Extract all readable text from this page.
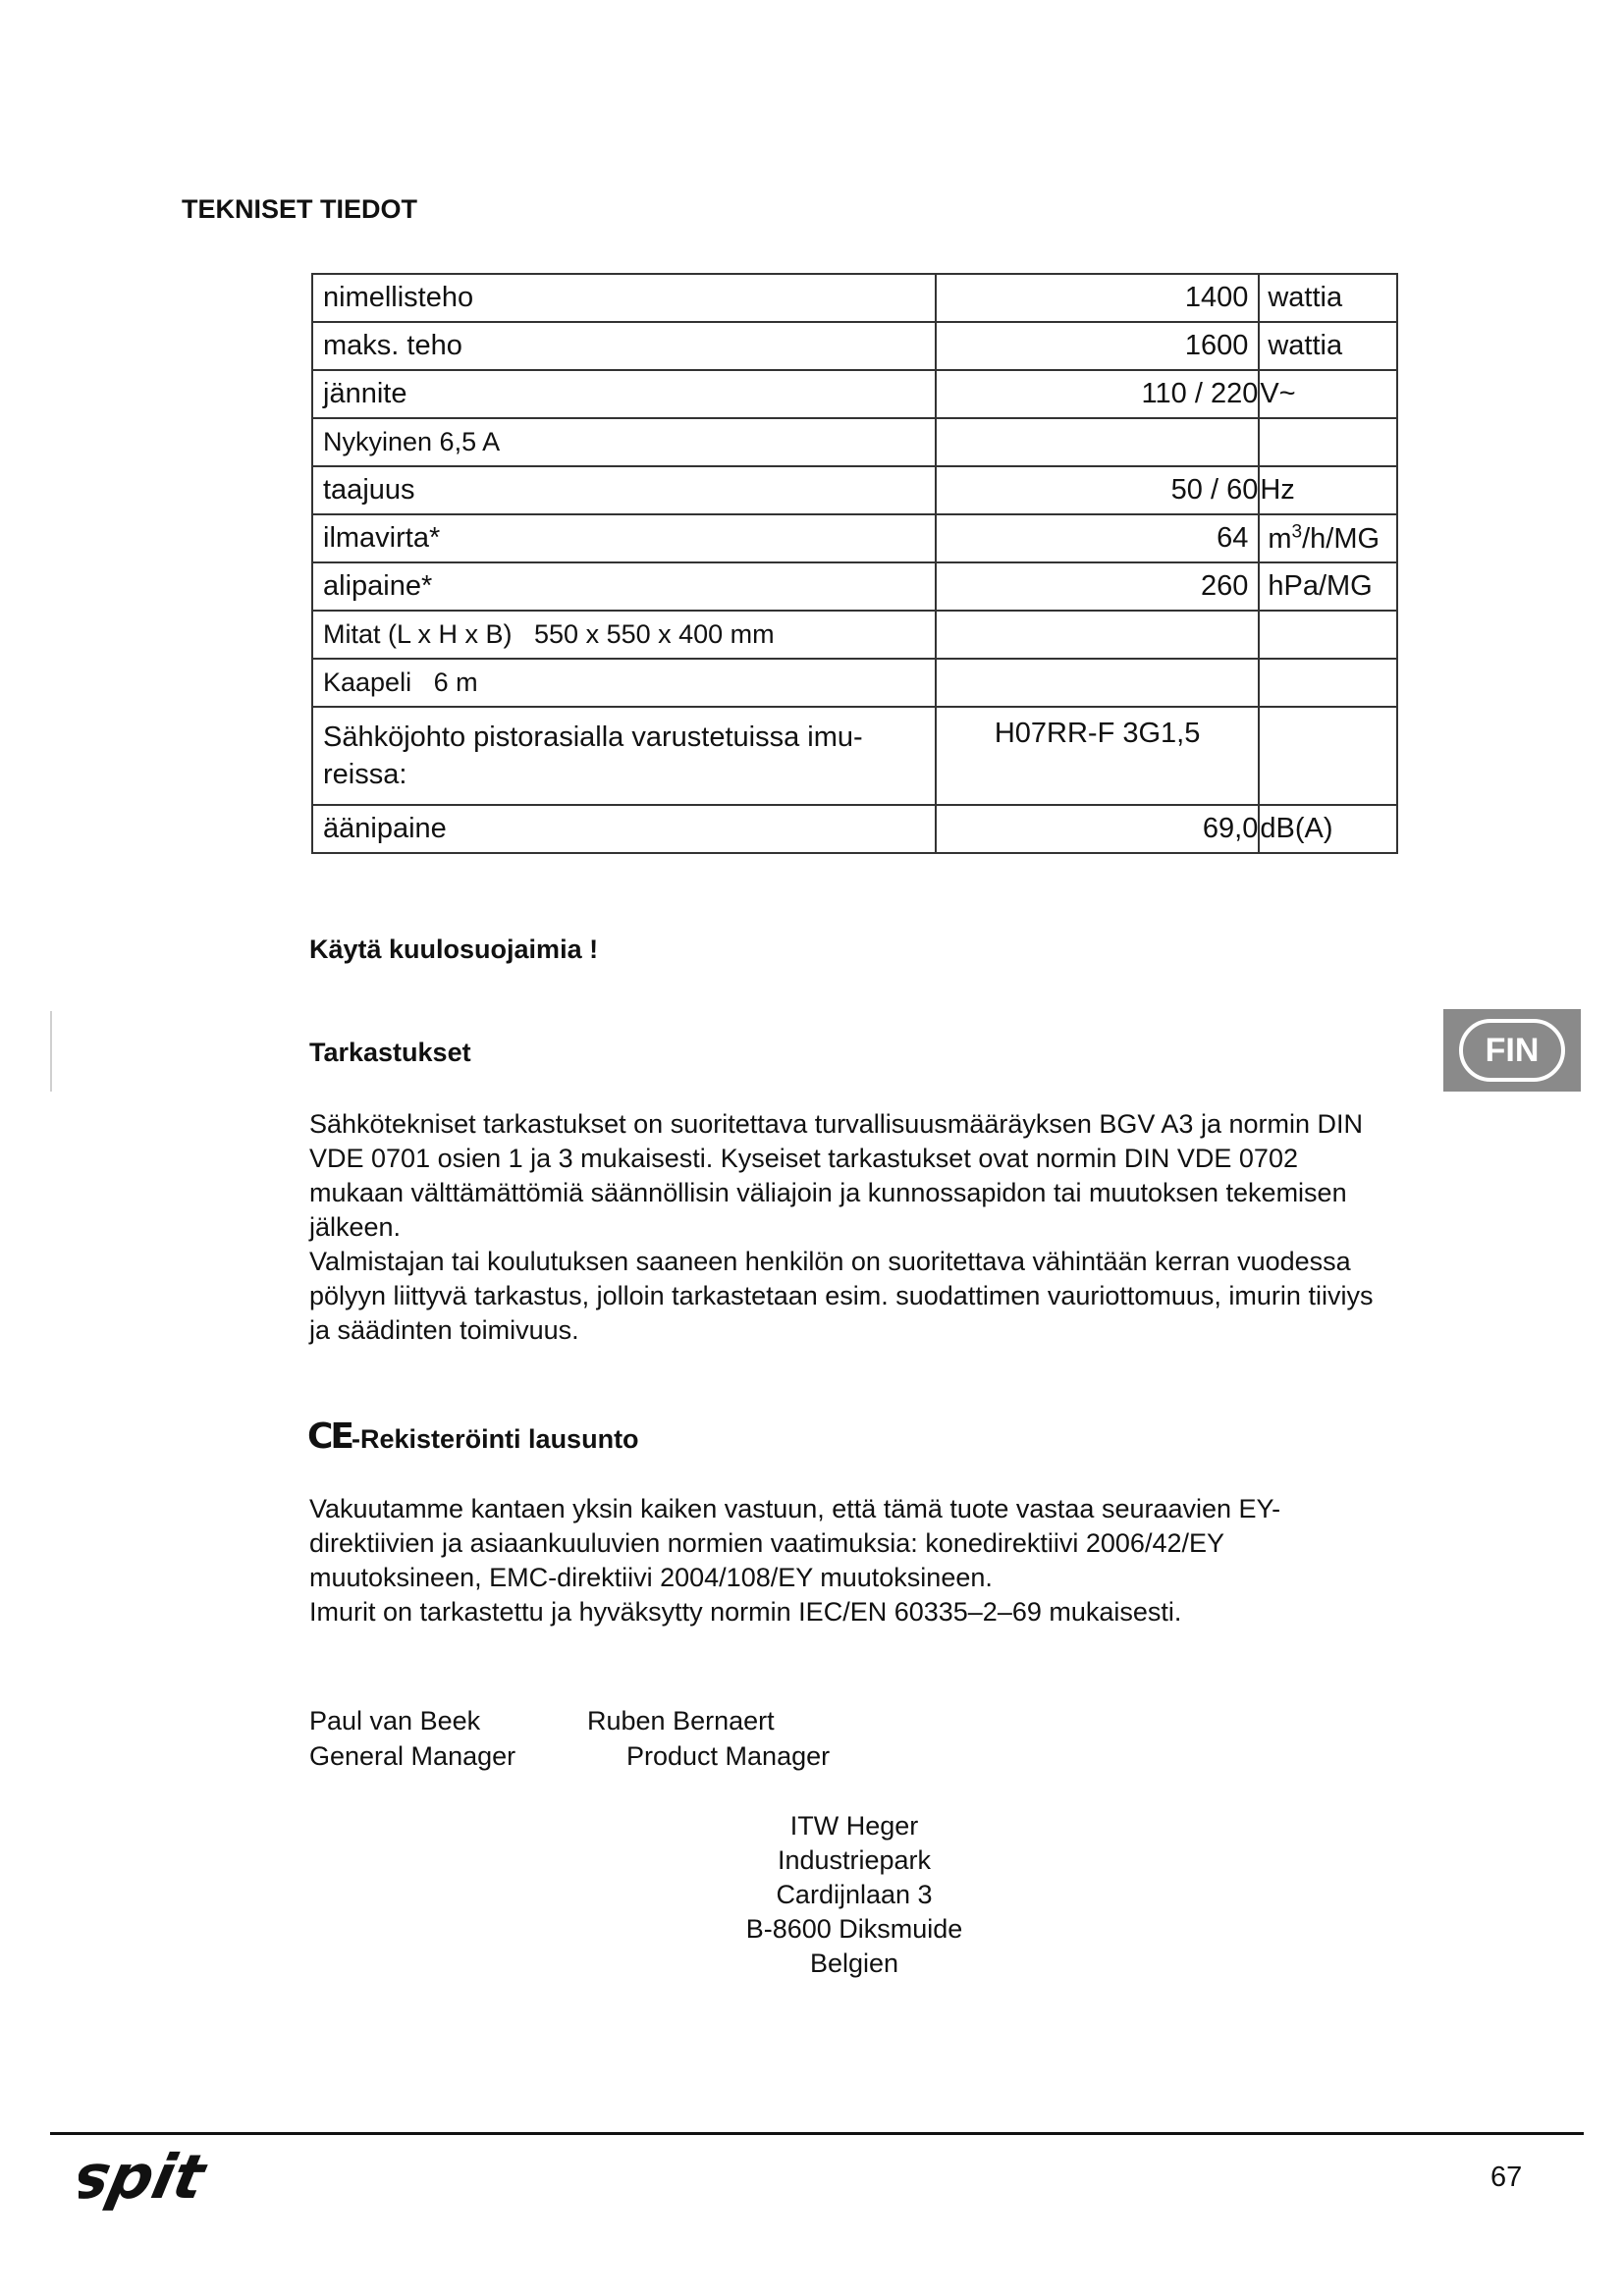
TEKNISET TIEDOT
nimellisteho	1400	wattia
maks. teho	1600	wattia
jännite	110 / 220	V~
Nykyinen 6,5 A		
taajuus	50 / 60	Hz
ilmavirta*	64	$m^3/h/MG$
alipaine*	260	hPa/MG
Mitat (L x H x B)   550 x 550 x 400 mm		
Kaapeli   6 m		
Sähköjohto pistorasialla varustetuissa imu-reissa:	H07RR-F 3G1,5	
äänipaine	69,0	dB(A)
Käytä kuulosuojaimia !
Tarkastukset
Sähkötekniset tarkastukset on suoritettava turvallisuusmääräyksen BGV A3 ja normin DIN VDE 0701 osien 1 ja 3 mukaisesti. Kyseiset tarkastukset ovat normin DIN VDE 0702 mukaan välttämättömiä säännöllisin väliajoin ja kunnossapidon tai muutoksen tekemisen jälkeen.
Valmistajan tai koulutuksen saaneen henkilön on suoritettava vähintään kerran vuodessa pölyyn liittyvä tarkastus, jolloin tarkastetaan esim. suodattimen vauriottomuus, imurin tiiviys ja säädinten toimivuus.
FIN
CE-Rekisteröinti lausunto
Vakuutamme kantaen yksin kaiken vastuun, että tämä tuote vastaa seuraavien EY-direktiivien ja asiaankuuluvien normien vaatimuksia: konedirektiivi 2006/42/EY muutoksineen, EMC-direktiivi 2004/108/EY muutoksineen.
Imurit on tarkastettu ja hyväksytty normin IEC/EN 60335–2–69 mukaisesti.
Paul van Beek
General Manager
Ruben Bernaert
Product Manager
ITW Heger
Industriepark
Cardijnlaan 3
B-8600 Diksmuide
Belgien
spit	67
